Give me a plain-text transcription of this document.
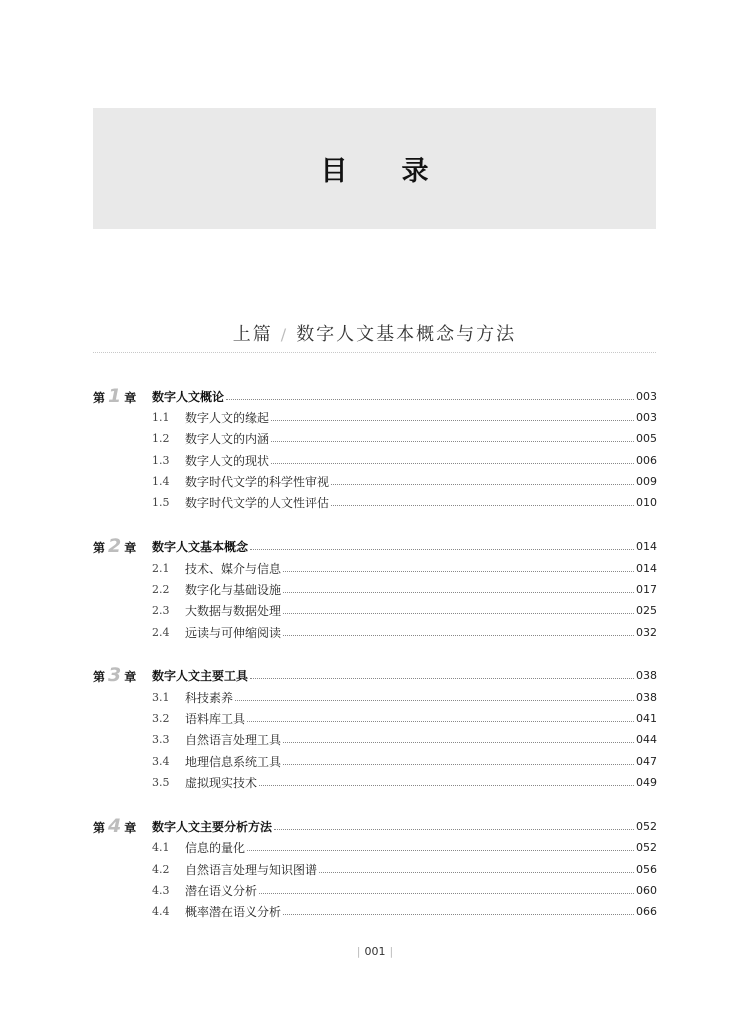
目　　录
上篇 / 数字人文基本概念与方法
第 1 章	数字人文概论	003
1.1	数字人文的缘起	003
1.2	数字人文的内涵	005
1.3	数字人文的现状	006
1.4	数字时代文学的科学性审视	009
1.5	数字时代文学的人文性评估	010
第 2 章	数字人文基本概念	014
2.1	技术、媒介与信息	014
2.2	数字化与基础设施	017
2.3	大数据与数据处理	025
2.4	远读与可伸缩阅读	032
第 3 章	数字人文主要工具	038
3.1	科技素养	038
3.2	语料库工具	041
3.3	自然语言处理工具	044
3.4	地理信息系统工具	047
3.5	虚拟现实技术	049
第 4 章	数字人文主要分析方法	052
4.1	信息的量化	052
4.2	自然语言处理与知识图谱	056
4.3	潜在语义分析	060
4.4	概率潜在语义分析	066
| 001 |
